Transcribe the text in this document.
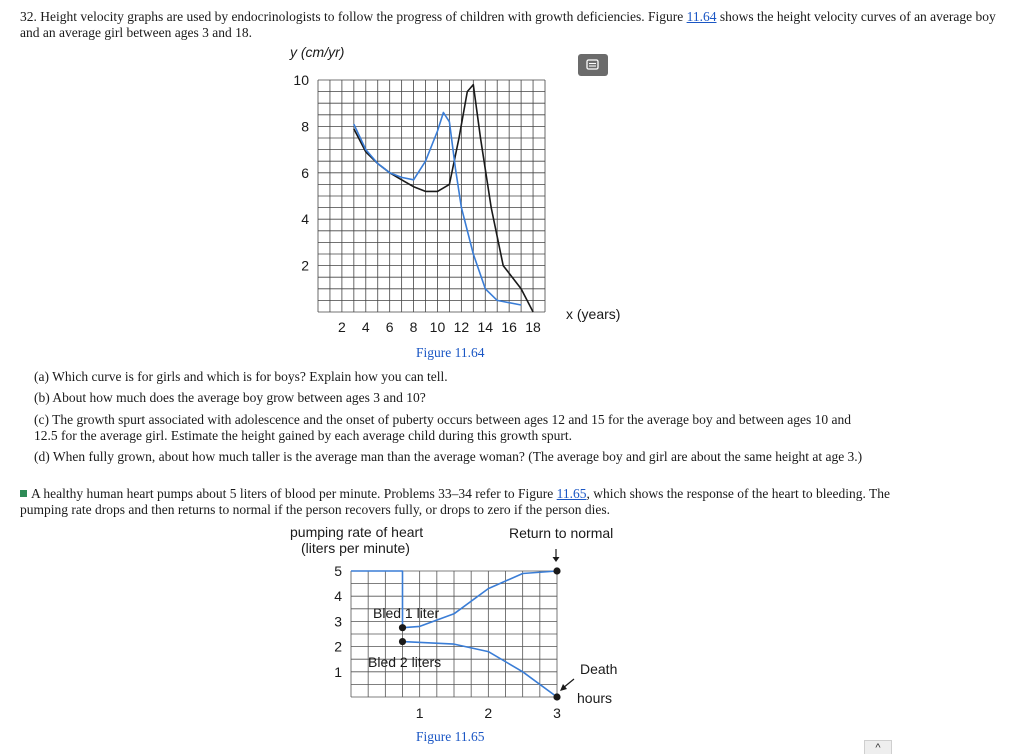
32. Height velocity graphs are used by endocrinologists to follow the progress of children with growth deficiencies. Figure 11.64 shows the height velocity curves of an average boy and an average girl between ages 3 and 18.
y (cm/yr)
2
4
6
8
10
2 4 6 8 10 12 14 16 18
x (years)
Figure 11.64
(a) Which curve is for girls and which is for boys? Explain how you can tell.
(b) About how much does the average boy grow between ages 3 and 10?
(c) The growth spurt associated with adolescence and the onset of puberty occurs between ages 12 and 15 for the average boy and between ages 10 and 12.5 for the average girl. Estimate the height gained by each average child during this growth spurt.
(d) When fully grown, about how much taller is the average man than the average woman? (The average boy and girl are about the same height at age 3.)
A healthy human heart pumps about 5 liters of blood per minute. Problems 33–34 refer to Figure 11.65, which shows the response of the heart to bleeding. The pumping rate drops and then returns to normal if the person recovers fully, or drops to zero if the person dies.
pumping rate of heart
(liters per minute)
Return to normal
1
2
3
4
5
1	2	3
Bled 1 liter
Bled 2 liters	Death
hours
Figure 11.65
^
